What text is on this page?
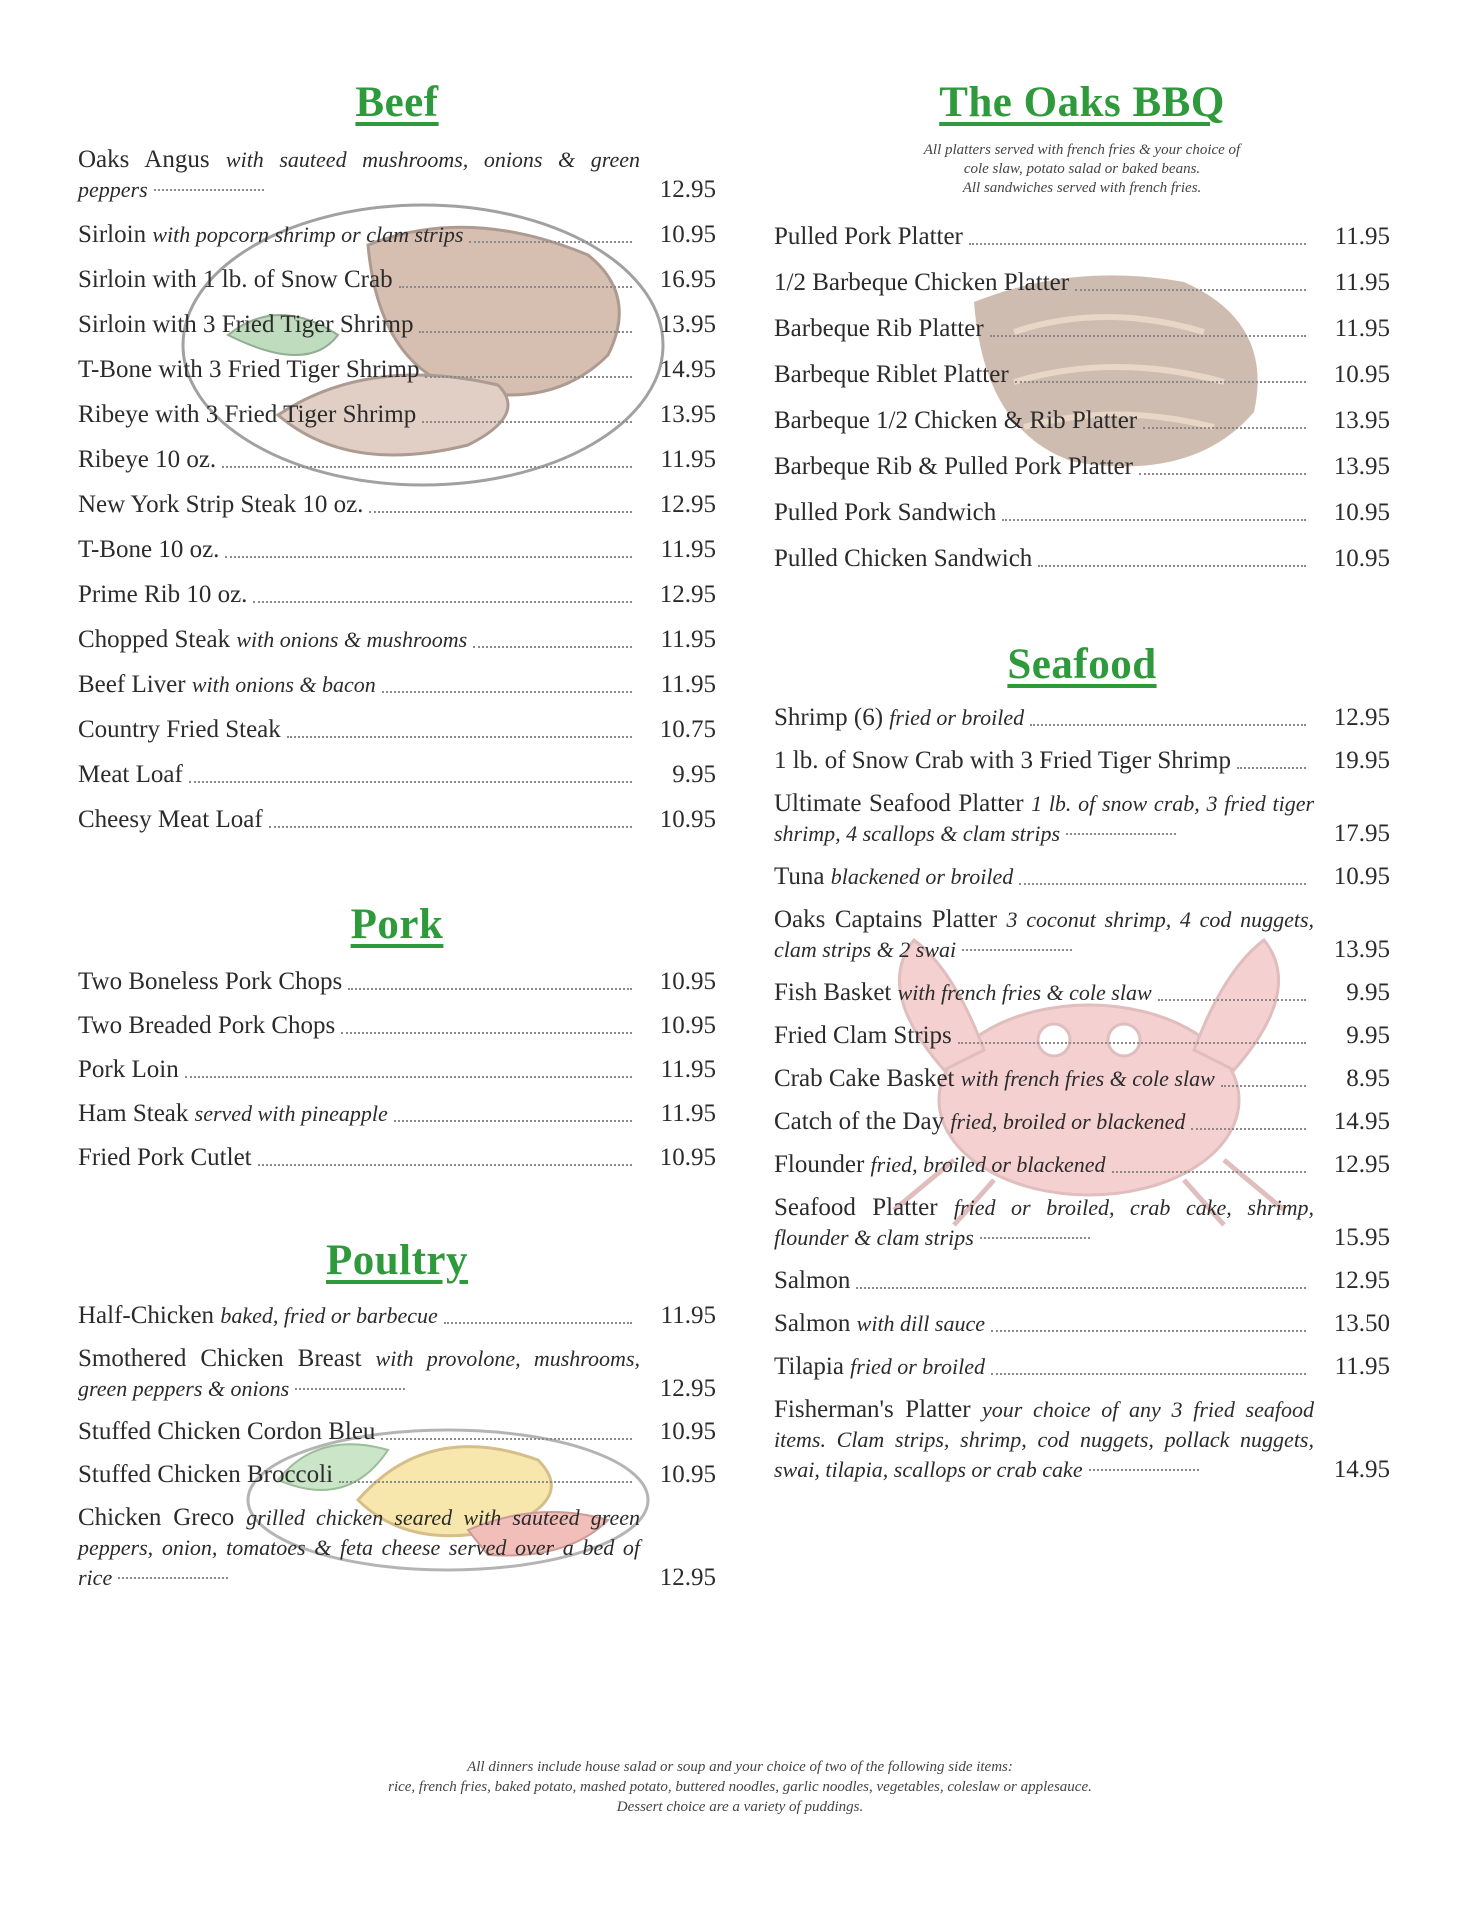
Beef
Oaks Angus with sauteed mushrooms, onions & green peppers	12.95
Sirloin with popcorn shrimp or clam strips	10.95
Sirloin with 1 lb. of Snow Crab	16.95
Sirloin with 3 Fried Tiger Shrimp	13.95
T-Bone with 3 Fried Tiger Shrimp	14.95
Ribeye with 3 Fried Tiger Shrimp	13.95
Ribeye 10 oz.	11.95
New York Strip Steak 10 oz.	12.95
T-Bone 10 oz.	11.95
Prime Rib 10 oz.	12.95
Chopped Steak with onions & mushrooms	11.95
Beef Liver with onions & bacon	11.95
Country Fried Steak	10.75
Meat Loaf	9.95
Cheesy Meat Loaf	10.95
Pork
Two Boneless Pork Chops	10.95
Two Breaded Pork Chops	10.95
Pork Loin	11.95
Ham Steak served with pineapple	11.95
Fried Pork Cutlet	10.95
Poultry
Half-Chicken baked, fried or barbecue	11.95
Smothered Chicken Breast with provolone, mushrooms, green peppers & onions	12.95
Stuffed Chicken Cordon Bleu	10.95
Stuffed Chicken Broccoli	10.95
Chicken Greco grilled chicken seared with sauteed green peppers, onion, tomatoes & feta cheese served over a bed of rice	12.95
The Oaks BBQ
All platters served with french fries & your choice of
cole slaw, potato salad or baked beans.
All sandwiches served with french fries.
Pulled Pork Platter	11.95
1/2 Barbeque Chicken Platter	11.95
Barbeque Rib Platter	11.95
Barbeque Riblet Platter	10.95
Barbeque 1/2 Chicken & Rib Platter	13.95
Barbeque Rib & Pulled Pork Platter	13.95
Pulled Pork Sandwich	10.95
Pulled Chicken Sandwich	10.95
Seafood
Shrimp (6) fried or broiled	12.95
1 lb. of Snow Crab with 3 Fried Tiger Shrimp	19.95
Ultimate Seafood Platter 1 lb. of snow crab, 3 fried tiger shrimp, 4 scallops & clam strips	17.95
Tuna blackened or broiled	10.95
Oaks Captains Platter 3 coconut shrimp, 4 cod nuggets, clam strips & 2 swai	13.95
Fish Basket with french fries & cole slaw	9.95
Fried Clam Strips	9.95
Crab Cake Basket with french fries & cole slaw	8.95
Catch of the Day fried, broiled or blackened	14.95
Flounder fried, broiled or blackened	12.95
Seafood Platter fried or broiled, crab cake, shrimp, flounder & clam strips	15.95
Salmon	12.95
Salmon with dill sauce	13.50
Tilapia fried or broiled	11.95
Fisherman's Platter your choice of any 3 fried seafood items. Clam strips, shrimp, cod nuggets, pollack nuggets, swai, tilapia, scallops or crab cake	14.95
All dinners include house salad or soup and your choice of two of the following side items:
rice, french fries, baked potato, mashed potato, buttered noodles, garlic noodles, vegetables, coleslaw or applesauce.
Dessert choice are a variety of puddings.
